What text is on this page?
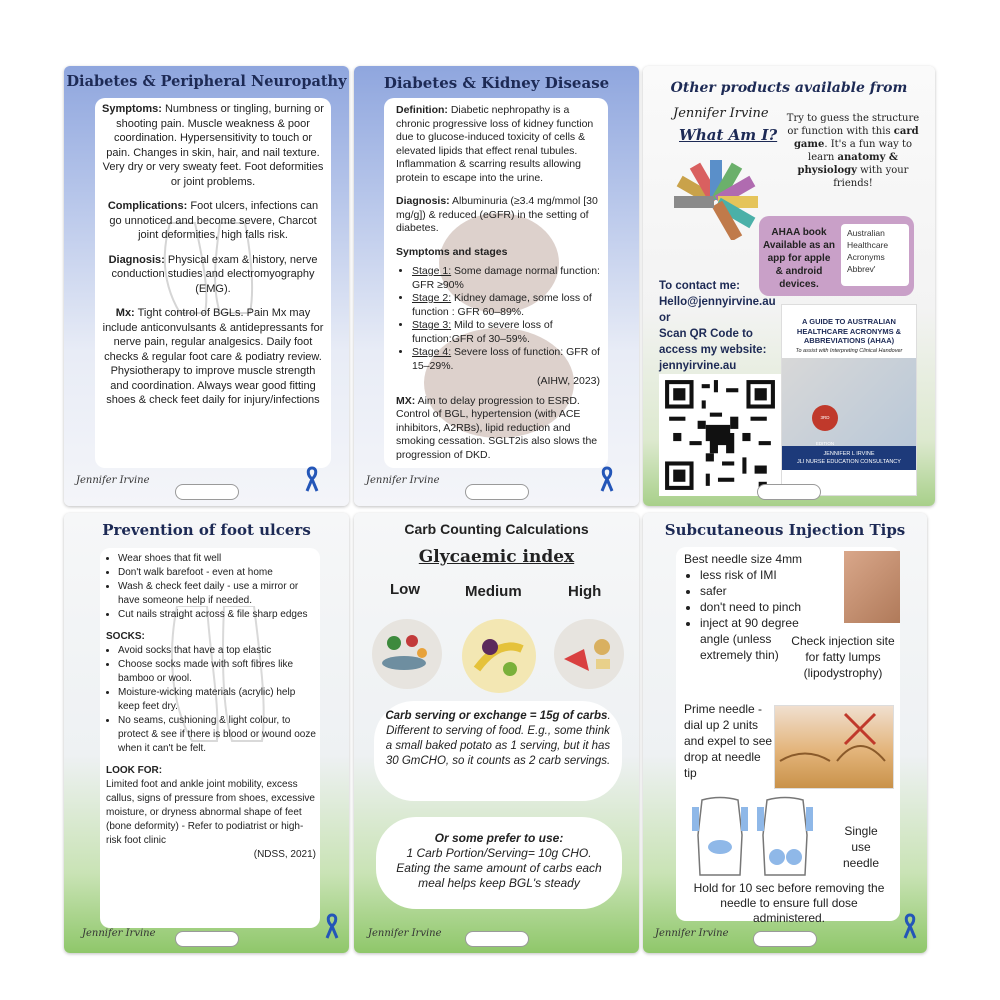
Diabetes & Peripheral Neuropathy
Symptoms: Numbness or tingling, burning or shooting pain. Muscle weakness & poor coordination. Hypersensitivity to touch or pain. Changes in skin, hair, and nail texture. Very dry or very sweaty feet. Foot deformities or joint problems.
Complications: Foot ulcers, infections can go unnoticed and become severe, Charcot joint deformities, high falls risk.
Diagnosis: Physical exam & history, nerve conduction studies and electromyography (EMG).
Mx: Tight control of BGLs. Pain Mx may include anticonvulsants & antidepressants for nerve pain, regular analgesics. Daily foot checks & regular foot care & podiatry review. Physiotherapy to improve muscle strength and coordination. Always wear good fitting shoes & check feet daily for injury/infections
Jennifer Irvine
Diabetes & Kidney Disease
Definition: Diabetic nephropathy is a chronic progressive loss of kidney function due to glucose-induced toxicity of cells & elevated lipids that effect renal tubules. Inflammation & scarring results allowing protein to escape into the urine.
Diagnosis: Albuminuria (≥3.4 mg/mmol [30 mg/g]) & reduced (eGFR) in the setting of diabetes.
Symptoms and stages
• Stage 1: Some damage normal function: GFR ≥90%
• Stage 2: Kidney damage, some loss of function : GFR 60–89%.
• Stage 3: Mild to severe loss of function:GFR of 30–59%.
• Stage 4: Severe loss of function: GFR of 15–29%.
(AIHW, 2023)
MX: Aim to delay progression to ESRD. Control of BGL, hypertension (with ACE inhibitors, A2RBs), lipid reduction and smoking cessation. SGLT2is also slows the progression of DKD.
Jennifer Irvine
Other products available from
Jennifer Irvine
What Am I?
Try to guess the structure or function with this card game. It's a fun way to learn anatomy & physiology with your friends!
AHAA book Available as an app for apple & android devices.
Australian
Healthcare
Acronyms
Abbrev'
To contact me:
Hello@jennyirvine.au
or
Scan QR Code to access my website:
jennyirvine.au
A GUIDE TO AUSTRALIAN HEALTHCARE ACRONYMS & ABBREVIATIONS (AHAA)
To assist with Interpreting Clinical Handover
3RD EDITION
JENNIFER L IRVINE
JLI NURSE EDUCATION CONSULTANCY
Prevention of foot ulcers
• Wear shoes that fit well
• Don't walk barefoot - even at home
• Wash & check feet daily - use a mirror or have someone help if needed.
• Cut nails straight across & file sharp edges
SOCKS:
• Avoid socks that have a top elastic
• Choose socks made with soft fibres like bamboo or wool.
• Moisture-wicking materials (acrylic) help keep feet dry.
• No seams, cushioning & light colour, to protect & see if there is blood or wound ooze when it can't be felt.
LOOK FOR:
Limited foot and ankle joint mobility, excess callus, signs of pressure from shoes, excessive moisture, or dryness abnormal shape of feet (bone deformity) - Refer to podiatrist or high-risk foot clinic
(NDSS, 2021)
Jennifer Irvine
Carb Counting Calculations
Glycaemic index
Low	Medium	High
Carb serving or exchange = 15g of carbs. Different to serving of food. E.g., some think a small baked potato as 1 serving, but it has 30 GmCHO, so it counts as 2 carb servings.
Or some prefer to use:
1 Carb Portion/Serving= 10g CHO. Eating the same amount of carbs each meal helps keep BGL's steady
Jennifer Irvine
Subcutaneous Injection Tips
Best needle size 4mm
• less risk of IMI
• safer
• don't need to pinch
• inject at 90 degree angle (unless extremely thin)
Check injection site for fatty lumps (lipodystrophy)
Prime needle - dial up 2 units and expel to see drop at needle tip
Single use needle
Hold for 10 sec before removing the needle to ensure full dose administered.
Jennifer Irvine
